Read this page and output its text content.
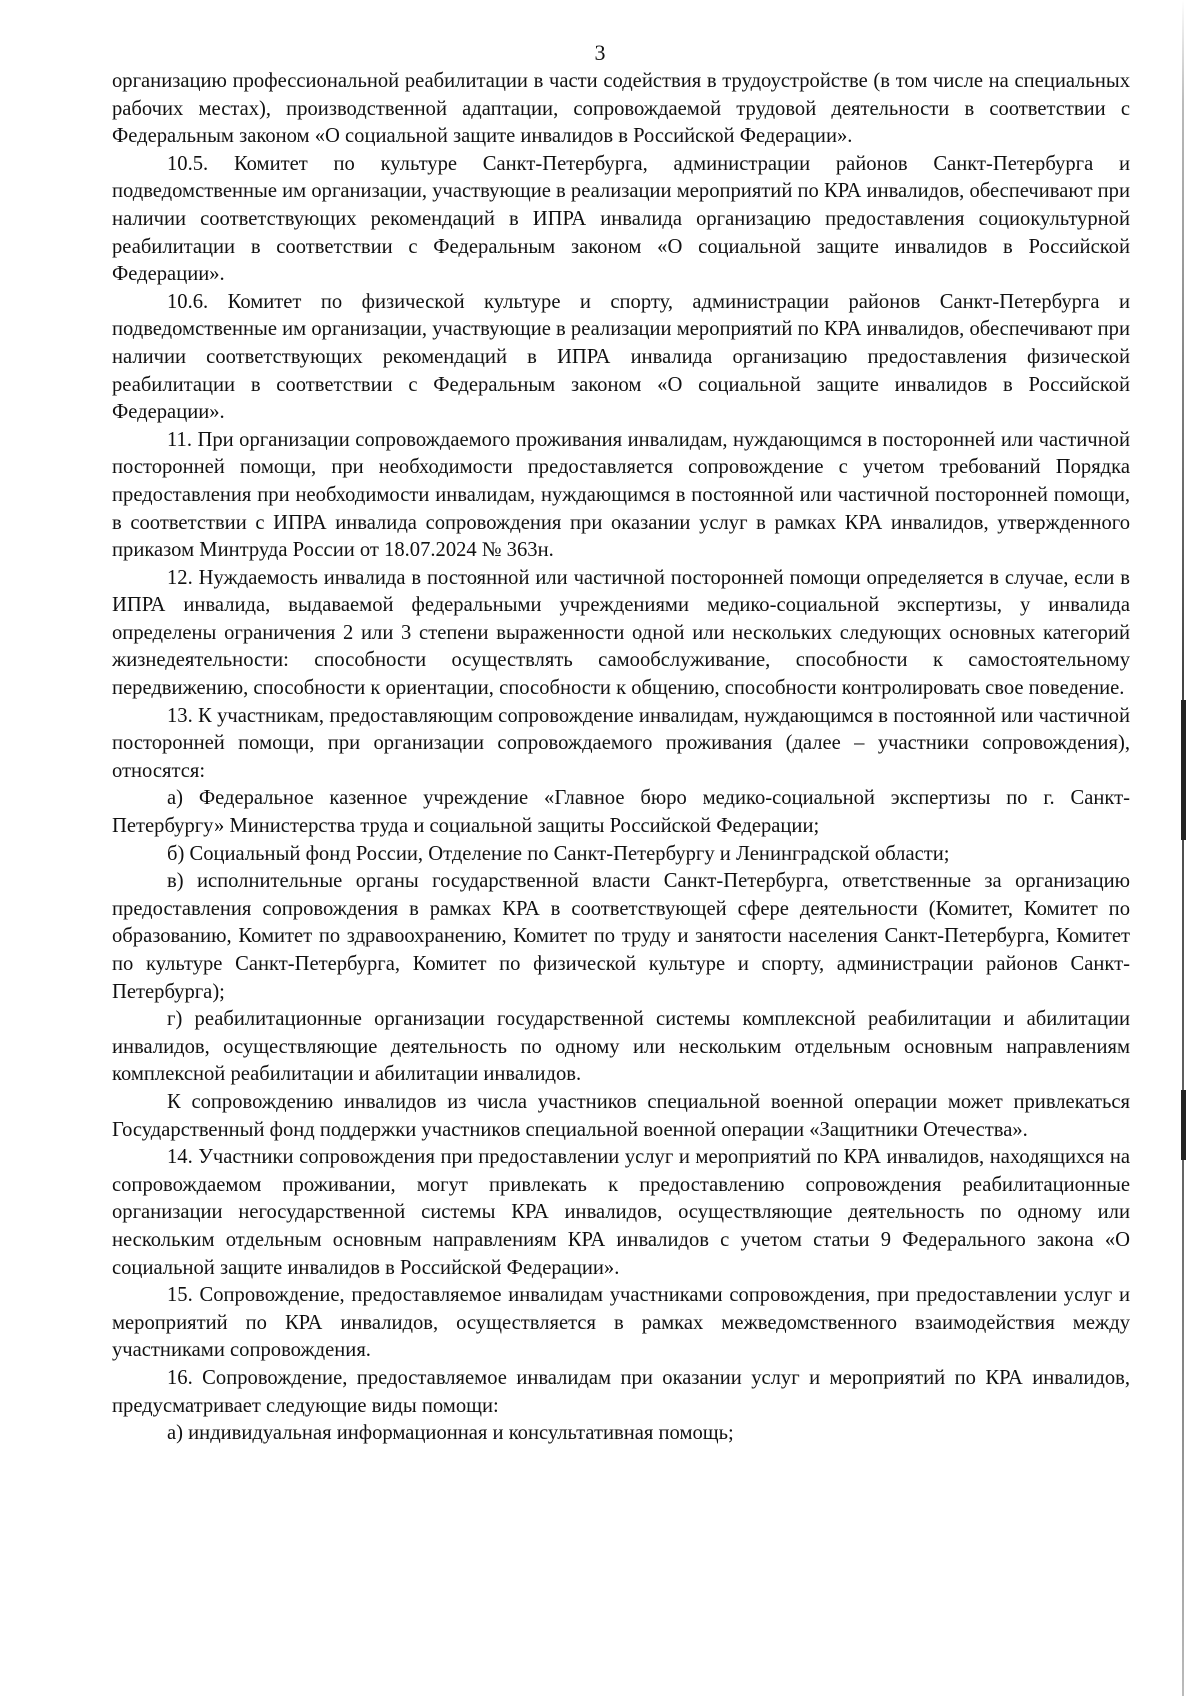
3

организацию профессиональной реабилитации в части содействия в трудоустройстве (в том числе на специальных рабочих местах), производственной адаптации, сопровождаемой трудовой деятельности в соответствии с Федеральным законом «О социальной защите инвалидов в Российской Федерации».

10.5. Комитет по культуре Санкт-Петербурга, администрации районов Санкт-Петербурга и подведомственные им организации, участвующие в реализации мероприятий по КРА инвалидов, обеспечивают при наличии соответствующих рекомендаций в ИПРА инвалида организацию предоставления социокультурной реабилитации в соответствии с Федеральным законом «О социальной защите инвалидов в Российской Федерации».

10.6. Комитет по физической культуре и спорту, администрации районов Санкт-Петербурга и подведомственные им организации, участвующие в реализации мероприятий по КРА инвалидов, обеспечивают при наличии соответствующих рекомендаций в ИПРА инвалида организацию предоставления физической реабилитации в соответствии с Федеральным законом «О социальной защите инвалидов в Российской Федерации».

11. При организации сопровождаемого проживания инвалидам, нуждающимся в посторонней или частичной посторонней помощи, при необходимости предоставляется сопровождение с учетом требований Порядка предоставления при необходимости инвалидам, нуждающимся в постоянной или частичной посторонней помощи, в соответствии с ИПРА инвалида сопровождения при оказании услуг в рамках КРА инвалидов, утвержденного приказом Минтруда России от 18.07.2024 № 363н.

12. Нуждаемость инвалида в постоянной или частичной посторонней помощи определяется в случае, если в ИПРА инвалида, выдаваемой федеральными учреждениями медико-социальной экспертизы, у инвалида определены ограничения 2 или 3 степени выраженности одной или нескольких следующих основных категорий жизнедеятельности: способности осуществлять самообслуживание, способности к самостоятельному передвижению, способности к ориентации, способности к общению, способности контролировать свое поведение.

13. К участникам, предоставляющим сопровождение инвалидам, нуждающимся в постоянной или частичной посторонней помощи, при организации сопровождаемого проживания (далее – участники сопровождения), относятся:

а) Федеральное казенное учреждение «Главное бюро медико-социальной экспертизы по г. Санкт-Петербургу» Министерства труда и социальной защиты Российской Федерации;

б) Социальный фонд России, Отделение по Санкт-Петербургу и Ленинградской области;

в) исполнительные органы государственной власти Санкт-Петербурга, ответственные за организацию предоставления сопровождения в рамках КРА в соответствующей сфере деятельности (Комитет, Комитет по образованию, Комитет по здравоохранению, Комитет по труду и занятости населения Санкт-Петербурга, Комитет по культуре Санкт-Петербурга, Комитет по физической культуре и спорту, администрации районов Санкт-Петербурга);

г) реабилитационные организации государственной системы комплексной реабилитации и абилитации инвалидов, осуществляющие деятельность по одному или нескольким отдельным основным направлениям комплексной реабилитации и абилитации инвалидов.

К сопровождению инвалидов из числа участников специальной военной операции может привлекаться Государственный фонд поддержки участников специальной военной операции «Защитники Отечества».

14. Участники сопровождения при предоставлении услуг и мероприятий по КРА инвалидов, находящихся на сопровождаемом проживании, могут привлекать к предоставлению сопровождения реабилитационные организации негосударственной системы КРА инвалидов, осуществляющие деятельность по одному или нескольким отдельным основным направлениям КРА инвалидов с учетом статьи 9 Федерального закона «О социальной защите инвалидов в Российской Федерации».

15. Сопровождение, предоставляемое инвалидам участниками сопровождения, при предоставлении услуг и мероприятий по КРА инвалидов, осуществляется в рамках межведомственного взаимодействия между участниками сопровождения.

16. Сопровождение, предоставляемое инвалидам при оказании услуг и мероприятий по КРА инвалидов, предусматривает следующие виды помощи:

а) индивидуальная информационная и консультативная помощь;
